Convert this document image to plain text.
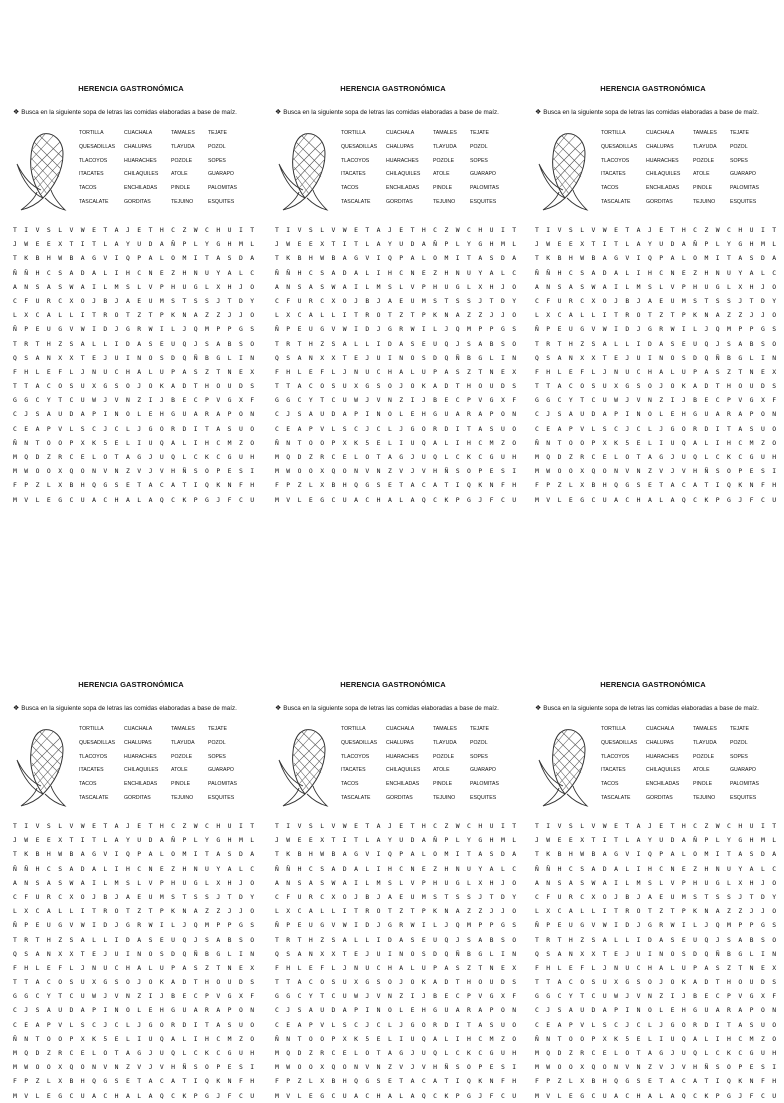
HERENCIA GASTRONÓMICA
❖ Busca en la siguiente sopa de letras las comidas elaboradas a base de maíz.
TORTILLA	CUACHALA	TAMALES	TEJATE
QUESADILLAS	CHALUPAS	TLAYUDA	POZOL
TLACOYOS	HUARACHES	POZOLE	SOPES
ITACATES	CHILAQUILES	ATOLE	GUARAPO
TACOS	ENCHILADAS	PINOLE	PALOMITAS
TASCALATE	GORDITAS	TEJUINO	ESQUITES
T	I	V	S	L	V	W	E	T	A	J	E	T	H	C	Z	W	C	H	U	I	T
J	W	E	E	X	T	I	T	L	A	Y	U	D	A	Ñ	P	L	Y	G	H	M	L
T	K	B	H	W	B	A	G	V	I	Q	P	A	L	O	M	I	T	A	S	D	A
Ñ	Ñ	H	C	S	A	D	A	L	I	H	C	N	E	Z	H	N	U	Y	A	L	C
A	N	S	A	S	W	A	I	L	M	S	L	V	P	H	U	G	L	X	H	J	O
C	F	U	R	C	X	O	J	B	J	A	E	U	M	S	T	S	S	J	T	D	Y
L	X	C	A	L	L	I	T	R	O	T	Z	T	P	K	N	A	Z	Z	J	J	O
Ñ	P	E	U	G	V	W	I	D	J	G	R	W	I	L	J	Q	M	P	P	G	S
T	R	T	H	Z	S	A	L	L	I	D	A	S	E	U	Q	J	S	A	B	S	O
Q	S	A	N	X	X	T	E	J	U	I	N	O	S	D	Q	Ñ	B	G	L	I	N
F	H	L	E	F	L	J	N	U	C	H	A	L	U	P	A	S	Z	T	N	E	X
T	T	A	C	O	S	U	X	G	S	O	J	O	K	A	D	T	H	O	U	D	S
G	G	C	Y	T	C	U	W	J	V	N	Z	I	J	B	E	C	P	V	G	X	F
C	J	S	A	U	D	A	P	I	N	O	L	E	H	G	U	A	R	A	P	O	N
C	E	A	P	V	L	S	C	J	C	L	J	G	O	R	D	I	T	A	S	U	O
Ñ	N	T	O	O	P	X	K	5	E	L	I	U	Q	A	L	I	H	C	M	Z	O
M	Q	D	Z	R	C	E	L	O	T	A	G	J	U	Q	L	C	K	C	G	U	H
M	W	O	O	X	Q	O	N	V	N	Z	V	J	V	H	Ñ	S	O	P	E	S	I
F	P	Z	L	X	B	H	Q	G	S	E	T	A	C	A	T	I	Q	K	N	F	H
M	V	L	E	G	C	U	A	C	H	A	L	A	Q	C	K	P	G	J	F	C	U
HERENCIA GASTRONÓMICA
❖ Busca en la siguiente sopa de letras las comidas elaboradas a base de maíz.
TORTILLA	CUACHALA	TAMALES	TEJATE
QUESADILLAS	CHALUPAS	TLAYUDA	POZOL
TLACOYOS	HUARACHES	POZOLE	SOPES
ITACATES	CHILAQUILES	ATOLE	GUARAPO
TACOS	ENCHILADAS	PINOLE	PALOMITAS
TASCALATE	GORDITAS	TEJUINO	ESQUITES
T	I	V	S	L	V	W	E	T	A	J	E	T	H	C	Z	W	C	H	U	I	T
J	W	E	E	X	T	I	T	L	A	Y	U	D	A	Ñ	P	L	Y	G	H	M	L
T	K	B	H	W	B	A	G	V	I	Q	P	A	L	O	M	I	T	A	S	D	A
Ñ	Ñ	H	C	S	A	D	A	L	I	H	C	N	E	Z	H	N	U	Y	A	L	C
A	N	S	A	S	W	A	I	L	M	S	L	V	P	H	U	G	L	X	H	J	O
C	F	U	R	C	X	O	J	B	J	A	E	U	M	S	T	S	S	J	T	D	Y
L	X	C	A	L	L	I	T	R	O	T	Z	T	P	K	N	A	Z	Z	J	J	O
Ñ	P	E	U	G	V	W	I	D	J	G	R	W	I	L	J	Q	M	P	P	G	S
T	R	T	H	Z	S	A	L	L	I	D	A	S	E	U	Q	J	S	A	B	S	O
Q	S	A	N	X	X	T	E	J	U	I	N	O	S	D	Q	Ñ	B	G	L	I	N
F	H	L	E	F	L	J	N	U	C	H	A	L	U	P	A	S	Z	T	N	E	X
T	T	A	C	O	S	U	X	G	S	O	J	O	K	A	D	T	H	O	U	D	S
G	G	C	Y	T	C	U	W	J	V	N	Z	I	J	B	E	C	P	V	G	X	F
C	J	S	A	U	D	A	P	I	N	O	L	E	H	G	U	A	R	A	P	O	N
C	E	A	P	V	L	S	C	J	C	L	J	G	O	R	D	I	T	A	S	U	O
Ñ	N	T	O	O	P	X	K	5	E	L	I	U	Q	A	L	I	H	C	M	Z	O
M	Q	D	Z	R	C	E	L	O	T	A	G	J	U	Q	L	C	K	C	G	U	H
M	W	O	O	X	Q	O	N	V	N	Z	V	J	V	H	Ñ	S	O	P	E	S	I
F	P	Z	L	X	B	H	Q	G	S	E	T	A	C	A	T	I	Q	K	N	F	H
M	V	L	E	G	C	U	A	C	H	A	L	A	Q	C	K	P	G	J	F	C	U
HERENCIA GASTRONÓMICA
❖ Busca en la siguiente sopa de letras las comidas elaboradas a base de maíz.
TORTILLA	CUACHALA	TAMALES	TEJATE
QUESADILLAS	CHALUPAS	TLAYUDA	POZOL
TLACOYOS	HUARACHES	POZOLE	SOPES
ITACATES	CHILAQUILES	ATOLE	GUARAPO
TACOS	ENCHILADAS	PINOLE	PALOMITAS
TASCALATE	GORDITAS	TEJUINO	ESQUITES
T	I	V	S	L	V	W	E	T	A	J	E	T	H	C	Z	W	C	H	U	I	T
J	W	E	E	X	T	I	T	L	A	Y	U	D	A	Ñ	P	L	Y	G	H	M	L
T	K	B	H	W	B	A	G	V	I	Q	P	A	L	O	M	I	T	A	S	D	A
Ñ	Ñ	H	C	S	A	D	A	L	I	H	C	N	E	Z	H	N	U	Y	A	L	C
A	N	S	A	S	W	A	I	L	M	S	L	V	P	H	U	G	L	X	H	J	O
C	F	U	R	C	X	O	J	B	J	A	E	U	M	S	T	S	S	J	T	D	Y
L	X	C	A	L	L	I	T	R	O	T	Z	T	P	K	N	A	Z	Z	J	J	O
Ñ	P	E	U	G	V	W	I	D	J	G	R	W	I	L	J	Q	M	P	P	G	S
T	R	T	H	Z	S	A	L	L	I	D	A	S	E	U	Q	J	S	A	B	S	O
Q	S	A	N	X	X	T	E	J	U	I	N	O	S	D	Q	Ñ	B	G	L	I	N
F	H	L	E	F	L	J	N	U	C	H	A	L	U	P	A	S	Z	T	N	E	X
T	T	A	C	O	S	U	X	G	S	O	J	O	K	A	D	T	H	O	U	D	S
G	G	C	Y	T	C	U	W	J	V	N	Z	I	J	B	E	C	P	V	G	X	F
C	J	S	A	U	D	A	P	I	N	O	L	E	H	G	U	A	R	A	P	O	N
C	E	A	P	V	L	S	C	J	C	L	J	G	O	R	D	I	T	A	S	U	O
Ñ	N	T	O	O	P	X	K	5	E	L	I	U	Q	A	L	I	H	C	M	Z	O
M	Q	D	Z	R	C	E	L	O	T	A	G	J	U	Q	L	C	K	C	G	U	H
M	W	O	O	X	Q	O	N	V	N	Z	V	J	V	H	Ñ	S	O	P	E	S	I
F	P	Z	L	X	B	H	Q	G	S	E	T	A	C	A	T	I	Q	K	N	F	H
M	V	L	E	G	C	U	A	C	H	A	L	A	Q	C	K	P	G	J	F	C	U
HERENCIA GASTRONÓMICA
❖ Busca en la siguiente sopa de letras las comidas elaboradas a base de maíz.
TORTILLA	CUACHALA	TAMALES	TEJATE
QUESADILLAS	CHALUPAS	TLAYUDA	POZOL
TLACOYOS	HUARACHES	POZOLE	SOPES
ITACATES	CHILAQUILES	ATOLE	GUARAPO
TACOS	ENCHILADAS	PINOLE	PALOMITAS
TASCALATE	GORDITAS	TEJUINO	ESQUITES
T	I	V	S	L	V	W	E	T	A	J	E	T	H	C	Z	W	C	H	U	I	T
J	W	E	E	X	T	I	T	L	A	Y	U	D	A	Ñ	P	L	Y	G	H	M	L
T	K	B	H	W	B	A	G	V	I	Q	P	A	L	O	M	I	T	A	S	D	A
Ñ	Ñ	H	C	S	A	D	A	L	I	H	C	N	E	Z	H	N	U	Y	A	L	C
A	N	S	A	S	W	A	I	L	M	S	L	V	P	H	U	G	L	X	H	J	O
C	F	U	R	C	X	O	J	B	J	A	E	U	M	S	T	S	S	J	T	D	Y
L	X	C	A	L	L	I	T	R	O	T	Z	T	P	K	N	A	Z	Z	J	J	O
Ñ	P	E	U	G	V	W	I	D	J	G	R	W	I	L	J	Q	M	P	P	G	S
T	R	T	H	Z	S	A	L	L	I	D	A	S	E	U	Q	J	S	A	B	S	O
Q	S	A	N	X	X	T	E	J	U	I	N	O	S	D	Q	Ñ	B	G	L	I	N
F	H	L	E	F	L	J	N	U	C	H	A	L	U	P	A	S	Z	T	N	E	X
T	T	A	C	O	S	U	X	G	S	O	J	O	K	A	D	T	H	O	U	D	S
G	G	C	Y	T	C	U	W	J	V	N	Z	I	J	B	E	C	P	V	G	X	F
C	J	S	A	U	D	A	P	I	N	O	L	E	H	G	U	A	R	A	P	O	N
C	E	A	P	V	L	S	C	J	C	L	J	G	O	R	D	I	T	A	S	U	O
Ñ	N	T	O	O	P	X	K	5	E	L	I	U	Q	A	L	I	H	C	M	Z	O
M	Q	D	Z	R	C	E	L	O	T	A	G	J	U	Q	L	C	K	C	G	U	H
M	W	O	O	X	Q	O	N	V	N	Z	V	J	V	H	Ñ	S	O	P	E	S	I
F	P	Z	L	X	B	H	Q	G	S	E	T	A	C	A	T	I	Q	K	N	F	H
M	V	L	E	G	C	U	A	C	H	A	L	A	Q	C	K	P	G	J	F	C	U
HERENCIA GASTRONÓMICA
❖ Busca en la siguiente sopa de letras las comidas elaboradas a base de maíz.
TORTILLA	CUACHALA	TAMALES	TEJATE
QUESADILLAS	CHALUPAS	TLAYUDA	POZOL
TLACOYOS	HUARACHES	POZOLE	SOPES
ITACATES	CHILAQUILES	ATOLE	GUARAPO
TACOS	ENCHILADAS	PINOLE	PALOMITAS
TASCALATE	GORDITAS	TEJUINO	ESQUITES
T	I	V	S	L	V	W	E	T	A	J	E	T	H	C	Z	W	C	H	U	I	T
J	W	E	E	X	T	I	T	L	A	Y	U	D	A	Ñ	P	L	Y	G	H	M	L
T	K	B	H	W	B	A	G	V	I	Q	P	A	L	O	M	I	T	A	S	D	A
Ñ	Ñ	H	C	S	A	D	A	L	I	H	C	N	E	Z	H	N	U	Y	A	L	C
A	N	S	A	S	W	A	I	L	M	S	L	V	P	H	U	G	L	X	H	J	O
C	F	U	R	C	X	O	J	B	J	A	E	U	M	S	T	S	S	J	T	D	Y
L	X	C	A	L	L	I	T	R	O	T	Z	T	P	K	N	A	Z	Z	J	J	O
Ñ	P	E	U	G	V	W	I	D	J	G	R	W	I	L	J	Q	M	P	P	G	S
T	R	T	H	Z	S	A	L	L	I	D	A	S	E	U	Q	J	S	A	B	S	O
Q	S	A	N	X	X	T	E	J	U	I	N	O	S	D	Q	Ñ	B	G	L	I	N
F	H	L	E	F	L	J	N	U	C	H	A	L	U	P	A	S	Z	T	N	E	X
T	T	A	C	O	S	U	X	G	S	O	J	O	K	A	D	T	H	O	U	D	S
G	G	C	Y	T	C	U	W	J	V	N	Z	I	J	B	E	C	P	V	G	X	F
C	J	S	A	U	D	A	P	I	N	O	L	E	H	G	U	A	R	A	P	O	N
C	E	A	P	V	L	S	C	J	C	L	J	G	O	R	D	I	T	A	S	U	O
Ñ	N	T	O	O	P	X	K	5	E	L	I	U	Q	A	L	I	H	C	M	Z	O
M	Q	D	Z	R	C	E	L	O	T	A	G	J	U	Q	L	C	K	C	G	U	H
M	W	O	O	X	Q	O	N	V	N	Z	V	J	V	H	Ñ	S	O	P	E	S	I
F	P	Z	L	X	B	H	Q	G	S	E	T	A	C	A	T	I	Q	K	N	F	H
M	V	L	E	G	C	U	A	C	H	A	L	A	Q	C	K	P	G	J	F	C	U
HERENCIA GASTRONÓMICA
❖ Busca en la siguiente sopa de letras las comidas elaboradas a base de maíz.
TORTILLA	CUACHALA	TAMALES	TEJATE
QUESADILLAS	CHALUPAS	TLAYUDA	POZOL
TLACOYOS	HUARACHES	POZOLE	SOPES
ITACATES	CHILAQUILES	ATOLE	GUARAPO
TACOS	ENCHILADAS	PINOLE	PALOMITAS
TASCALATE	GORDITAS	TEJUINO	ESQUITES
T	I	V	S	L	V	W	E	T	A	J	E	T	H	C	Z	W	C	H	U	I	T
J	W	E	E	X	T	I	T	L	A	Y	U	D	A	Ñ	P	L	Y	G	H	M	L
T	K	B	H	W	B	A	G	V	I	Q	P	A	L	O	M	I	T	A	S	D	A
Ñ	Ñ	H	C	S	A	D	A	L	I	H	C	N	E	Z	H	N	U	Y	A	L	C
A	N	S	A	S	W	A	I	L	M	S	L	V	P	H	U	G	L	X	H	J	O
C	F	U	R	C	X	O	J	B	J	A	E	U	M	S	T	S	S	J	T	D	Y
L	X	C	A	L	L	I	T	R	O	T	Z	T	P	K	N	A	Z	Z	J	J	O
Ñ	P	E	U	G	V	W	I	D	J	G	R	W	I	L	J	Q	M	P	P	G	S
T	R	T	H	Z	S	A	L	L	I	D	A	S	E	U	Q	J	S	A	B	S	O
Q	S	A	N	X	X	T	E	J	U	I	N	O	S	D	Q	Ñ	B	G	L	I	N
F	H	L	E	F	L	J	N	U	C	H	A	L	U	P	A	S	Z	T	N	E	X
T	T	A	C	O	S	U	X	G	S	O	J	O	K	A	D	T	H	O	U	D	S
G	G	C	Y	T	C	U	W	J	V	N	Z	I	J	B	E	C	P	V	G	X	F
C	J	S	A	U	D	A	P	I	N	O	L	E	H	G	U	A	R	A	P	O	N
C	E	A	P	V	L	S	C	J	C	L	J	G	O	R	D	I	T	A	S	U	O
Ñ	N	T	O	O	P	X	K	5	E	L	I	U	Q	A	L	I	H	C	M	Z	O
M	Q	D	Z	R	C	E	L	O	T	A	G	J	U	Q	L	C	K	C	G	U	H
M	W	O	O	X	Q	O	N	V	N	Z	V	J	V	H	Ñ	S	O	P	E	S	I
F	P	Z	L	X	B	H	Q	G	S	E	T	A	C	A	T	I	Q	K	N	F	H
M	V	L	E	G	C	U	A	C	H	A	L	A	Q	C	K	P	G	J	F	C	U
